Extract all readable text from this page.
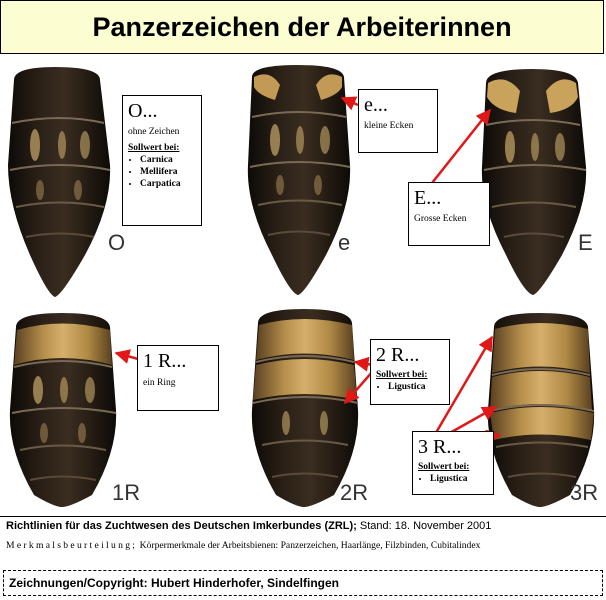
Panzerzeichen der Arbeiterinnen
O...
ohne Zeichen
Sollwert bei:
• Carnica
• Mellifera
• Carpatica
e...
kleine Ecken
E...
Grosse Ecken
1 R...
ein Ring
2 R...
Sollwert bei:
• Ligustica
3 R...
Sollwert bei:
• Ligustica
O	e	E
1R	2R	3R
Richtlinien für das Zuchtwesen des Deutschen Imkerbundes (ZRL); Stand: 18. November 2001
Merkmalsbeurteilung; Körpermerkmale der Arbeitsbienen: Panzerzeichen, Haarlänge, Filzbinden, Cubitalindex
Zeichnungen/Copyright: Hubert Hinderhofer, Sindelfingen
